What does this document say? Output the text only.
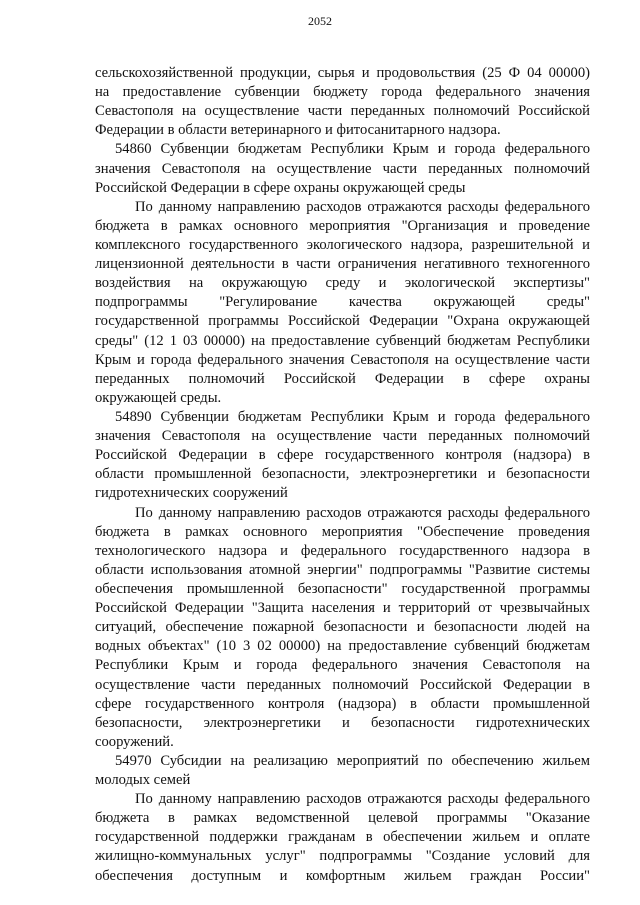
2052
сельскохозяйственной продукции, сырья и продовольствия (25 Ф 04 00000)
на предоставление субвенции бюджету города федерального значения
Севастополя на осуществление части переданных полномочий Российской
Федерации в области ветеринарного и фитосанитарного надзора.
54860 Субвенции бюджетам Республики Крым и города федерального
значения Севастополя на осуществление части переданных полномочий
Российской Федерации в сфере охраны окружающей среды
По данному направлению расходов отражаются расходы федерального
бюджета в рамках основного мероприятия "Организация и проведение
комплексного государственного экологического надзора, разрешительной и
лицензионной деятельности в части ограничения негативного техногенного
воздействия на окружающую среду и экологической экспертизы"
подпрограммы "Регулирование качества окружающей среды"
государственной программы Российской Федерации "Охрана окружающей
среды" (12 1 03 00000) на предоставление субвенций бюджетам Республики
Крым и города федерального значения Севастополя на осуществление части
переданных полномочий Российской Федерации в сфере охраны
окружающей среды.
54890 Субвенции бюджетам Республики Крым и города федерального
значения Севастополя на осуществление части переданных полномочий
Российской Федерации в сфере государственного контроля (надзора) в
области промышленной безопасности, электроэнергетики и безопасности
гидротехнических сооружений
По данному направлению расходов отражаются расходы федерального
бюджета в рамках основного мероприятия "Обеспечение проведения
технологического надзора и федерального государственного надзора в
области использования атомной энергии" подпрограммы "Развитие системы
обеспечения промышленной безопасности" государственной программы
Российской Федерации "Защита населения и территорий от чрезвычайных
ситуаций, обеспечение пожарной безопасности и безопасности людей на
водных объектах" (10 3 02 00000) на предоставление субвенций бюджетам
Республики Крым и города федерального значения Севастополя на
осуществление части переданных полномочий Российской Федерации в
сфере государственного контроля (надзора) в области промышленной
безопасности, электроэнергетики и безопасности гидротехнических
сооружений.
54970 Субсидии на реализацию мероприятий по обеспечению жильем
молодых семей
По данному направлению расходов отражаются расходы федерального
бюджета в рамках ведомственной целевой программы "Оказание
государственной поддержки гражданам в обеспечении жильем и оплате
жилищно-коммунальных услуг" подпрограммы "Создание условий для
обеспечения доступным и комфортным жильем граждан России"
